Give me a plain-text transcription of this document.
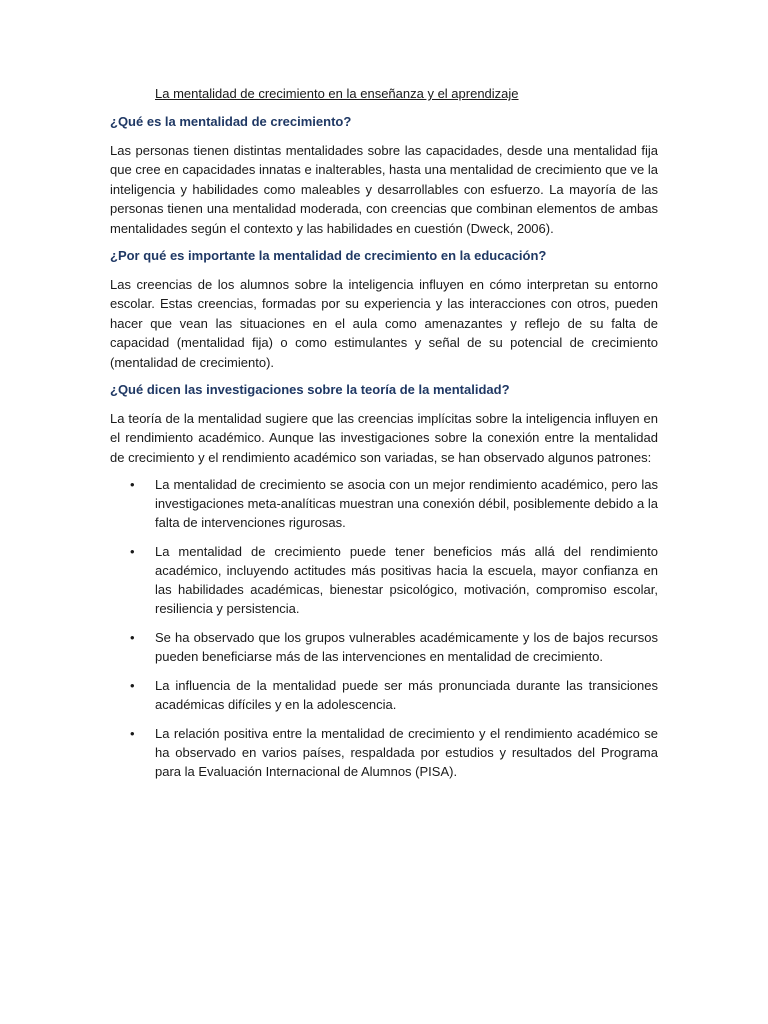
La mentalidad de crecimiento en la enseñanza y el aprendizaje
¿Qué es la mentalidad de crecimiento?

Las personas tienen distintas mentalidades sobre las capacidades, desde una mentalidad fija que cree en capacidades innatas e inalterables, hasta una mentalidad de crecimiento que ve la inteligencia y habilidades como maleables y desarrollables con esfuerzo. La mayoría de las personas tienen una mentalidad moderada, con creencias que combinan elementos de ambas mentalidades según el contexto y las habilidades en cuestión (Dweck, 2006).

¿Por qué es importante la mentalidad de crecimiento en la educación?

Las creencias de los alumnos sobre la inteligencia influyen en cómo interpretan su entorno escolar. Estas creencias, formadas por su experiencia y las interacciones con otros, pueden hacer que vean las situaciones en el aula como amenazantes y reflejo de su falta de capacidad (mentalidad fija) o como estimulantes y señal de su potencial de crecimiento (mentalidad de crecimiento).

¿Qué dicen las investigaciones sobre la teoría de la mentalidad?

La teoría de la mentalidad sugiere que las creencias implícitas sobre la inteligencia influyen en el rendimiento académico. Aunque las investigaciones sobre la conexión entre la mentalidad de crecimiento y el rendimiento académico son variadas, se han observado algunos patrones:

• La mentalidad de crecimiento se asocia con un mejor rendimiento académico, pero las investigaciones meta-analíticas muestran una conexión débil, posiblemente debido a la falta de intervenciones rigurosas.
• La mentalidad de crecimiento puede tener beneficios más allá del rendimiento académico, incluyendo actitudes más positivas hacia la escuela, mayor confianza en las habilidades académicas, bienestar psicológico, motivación, compromiso escolar, resiliencia y persistencia.
• Se ha observado que los grupos vulnerables académicamente y los de bajos recursos pueden beneficiarse más de las intervenciones en mentalidad de crecimiento.
• La influencia de la mentalidad puede ser más pronunciada durante las transiciones académicas difíciles y en la adolescencia.
• La relación positiva entre la mentalidad de crecimiento y el rendimiento académico se ha observado en varios países, respaldada por estudios y resultados del Programa para la Evaluación Internacional de Alumnos (PISA).
